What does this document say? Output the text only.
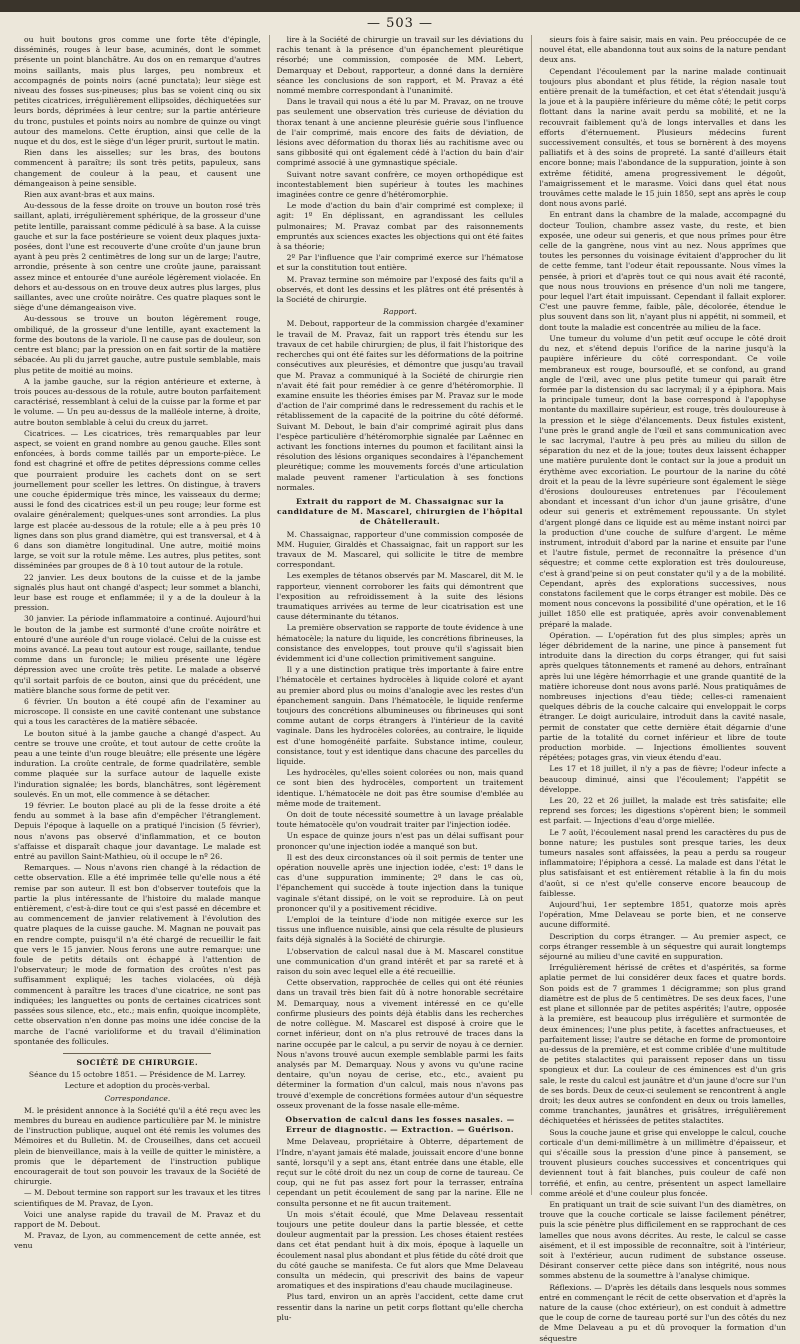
— 503 —

ou huit boutons gros comme une forte tête d'épingle, disséminés, rouges à leur base, acuminés, dont le sommet présente un point blanchâtre. Au dos on en remarque d'autres moins saillants, mais plus larges, peu nombreux et accompagnés de points noirs (acné punctata); leur siège est niveau des fosses sus-pineuses; plus bas se voient cinq ou six petites cicatrices, irrégulièrement ellipsoïdes, déchiquetées sur leurs bords, déprimées à leur centre; sur la partie antérieure du tronc, pustules et points noirs au nombre de quinze ou vingt autour des mamelons. Cette éruption, ainsi que celle de la nuque et du dos, est le siège d'un léger prurit, surtout le matin.

Rien dans les aisselles; sur les bras, des boutons commencent à paraître; ils sont très petits, papuleux, sans changement de couleur à la peau, et causent une démangeaison à peine sensible.

Rien aux avant-bras et aux mains.

Au-dessous de la fesse droite on trouve un bouton rosé très saillant, aplati, irrégulièrement sphérique, de la grosseur d'une petite lentille, paraissant comme pédiculé à sa base. A la cuisse gauche et sur la face postérieure se voient deux plaques juxta-posées, dont l'une est recouverte d'une croûte d'un jaune brun ayant à peu près 2 centimètres de long sur un de large; l'autre, arrondie, présente à son centre une croûte jaune, paraissant assez mince et entourée d'une auréole légèrement violacée. En dehors et au-dessous on en trouve deux autres plus larges, plus saillantes, avec une croûte noirâtre. Ces quatre plaques sont le siège d'une démangeaison vive.

Au-dessous se trouve un bouton légèrement rouge, ombiliqué, de la grosseur d'une lentille, ayant exactement la forme des boutons de la variole. Il ne cause pas de douleur, son centre est blanc; par la pression on en fait sortir de la matière sébacée. Au pli du jarret gauche, autre pustule semblable, mais plus petite de moitié au moins.

A la jambe gauche, sur la région antérieure et externe, à trois pouces au-dessous de la rotule, autre bouton parfaitement caractérisé, ressemblant à celui de la cuisse par la forme et par le volume. — Un peu au-dessus de la malléole interne, à droite, autre bouton semblable à celui du creux du jarret.

Cicatrices. — Les cicatrices, très remarquables par leur aspect, se voient en grand nombre au genou gauche. Elles sont enfoncées, à bords comme taillés par un emporte-pièce. Le fond est chagriné et offre de petites dépressions comme celles que pourraient produire les cachets dont on se sert journellement pour sceller les lettres. On distingue, à travers une couche épidermique très mince, les vaisseaux du derme; aussi le fond des cicatrices est-il un peu rouge; leur forme est ovalaire généralement; quelques-unes sont arrondies. La plus large est placée au-dessous de la rotule; elle a à peu près 10 lignes dans son plus grand diamètre, qui est transversal, et 4 à 6 dans son diamètre longitudinal. Une autre, moitié moins large, se voit sur la rotule même. Les autres, plus petites, sont disséminées par groupes de 8 à 10 tout autour de la rotule.

22 janvier. Les deux boutons de la cuisse et de la jambe signalés plus haut ont changé d'aspect; leur sommet a blanchi, leur base est rouge et enflammée; il y a de la douleur à la pression.

30 janvier. La période inflammatoire a continué. Aujourd'hui le bouton de la jambe est surmonté d'une croûte noirâtre et entouré d'une auréole d'un rouge violacé. Celui de la cuisse est moins avancé. La peau tout autour est rouge, saillante, tendue comme dans un furoncle; le milieu présente une légère dépression avec une croûte très petite. Le malade a observé qu'il sortait parfois de ce bouton, ainsi que du précédent, une matière blanche sous forme de petit ver.

6 février. Un bouton a été coupé afin de l'examiner au microscope. Il consiste en une cavité contenant une substance qui a tous les caractères de la matière sébacée.

Le bouton situé à la jambe gauche a changé d'aspect. Au centre se trouve une croûte, et tout autour de cette croûte la peau a une teinte d'un rouge bleuâtre; elle présente une légère induration. La croûte centrale, de forme quadrilatère, semble comme plaquée sur la surface autour de laquelle existe l'induration signalée; les bords, blanchâtres, sont légèrement soulevés. En un mot, elle commence à se détacher.

19 février. Le bouton placé au pli de la fesse droite a été fendu au sommet à la base afin d'empêcher l'étranglement. Depuis l'époque à laquelle on a pratiqué l'incision (5 février), nous n'avons pas observé d'inflammation, et ce bouton s'affaisse et disparaît chaque jour davantage. Le malade est entré au pavillon Saint-Mathieu, où il occupe le nº 26.

Remarques. — Nous n'avons rien changé à la rédaction de cette observation. Elle a été imprimée telle qu'elle nous a été remise par son auteur. Il est bon d'observer toutefois que la partie la plus intéressante de l'histoire du malade manque entièrement, c'est-à-dire tout ce qui s'est passé en décembre et au commencement de janvier relativement à l'évolution des quatre plaques de la cuisse gauche. M. Magnan ne pouvait pas en rendre compte, puisqu'il n'a été chargé de recueillir le fait que vers le 15 janvier. Nous ferons une autre remarque: une foule de petits détails ont échappé à l'attention de l'observateur; le mode de formation des croûtes n'est pas suffisamment expliqué; les taches violacées, où déjà commencent à paraître les traces d'une cicatrice, ne sont pas indiquées; les languettes ou ponts de certaines cicatrices sont passées sous silence, etc., etc.; mais enfin, quoique incomplète, cette observation n'en donne pas moins une idée concise de la marche de l'acné varioliforme et du travail d'élimination spontanée des follicules.

SOCIÉTÉ DE CHIRURGIE.

Séance du 15 octobre 1851. — Présidence de M. Larrey.

Lecture et adoption du procès-verbal.

Correspondance.

M. le président annonce à la Société qu'il a été reçu avec les membres du bureau en audience particulière par M. le ministre de l'instruction publique, auquel ont été remis les volumes des Mémoires et du Bulletin. M. de Crouseilhes, dans cet accueil plein de bienveillance, mais à la veille de quitter le ministère, a promis que le département de l'instruction publique encouragerait de tout son pouvoir les travaux de la Société de chirurgie.

— M. Debout termine son rapport sur les travaux et les titres scientifiques de M. Pravaz, de Lyon.

Voici une analyse rapide du travail de M. Pravaz et du rapport de M. Debout.

M. Pravaz, de Lyon, au commencement de cette année, est venu

lire à la Société de chirurgie un travail sur les déviations du rachis tenant à la présence d'un épanchement pleurétique résorbé; une commission, composée de MM. Lebert, Demarquay et Debout, rapporteur, a donné dans la dernière séance les conclusions de son rapport, et M. Pravaz a été nommé membre correspondant à l'unanimité.

Dans le travail qui nous a été lu par M. Pravaz, on ne trouve pas seulement une observation très curieuse de déviation du thorax tenant à une ancienne pleurésie guérie sous l'influence de l'air comprimé, mais encore des faits de déviation, de lésions avec déformation du thorax liés au rachitisme avec ou sans gibbosité qui ont également cédé à l'action du bain d'air comprimé associé à une gymnastique spéciale.

Suivant notre savant confrère, ce moyen orthopédique est incontestablement bien supérieur à toutes les machines imaginées contre ce genre d'hétéromorphie.

Le mode d'action du bain d'air comprimé est complexe; il agit: 1º En déplissant, en agrandissant les cellules pulmonaires; M. Pravaz combat par des raisonnements empruntés aux sciences exactes les objections qui ont été faites à sa théorie;

2º Par l'influence que l'air comprimé exerce sur l'hématose et sur la constitution tout entière.

M. Pravaz termine son mémoire par l'exposé des faits qu'il a observés, et dont les dessins et les plâtres ont été présentés à la Société de chirurgie.

Rapport.

M. Debout, rapporteur de la commission chargée d'examiner le travail de M. Pravaz, fait un rapport très étendu sur les travaux de cet habile chirurgien; de plus, il fait l'historique des recherches qui ont été faites sur les déformations de la poitrine consécutives aux pleurésies, et démontre que jusqu'au travail que M. Pravaz a communiqué à la Société de chirurgie rien n'avait été fait pour remédier à ce genre d'hétéromorphie. Il examine ensuite les théories émises par M. Pravaz sur le mode d'action de l'air comprimé dans le redressement du rachis et le rétablissement de la capacité de la poitrine du côté déformé. Suivant M. Debout, le bain d'air comprimé agirait plus dans l'espèce particulière d'hétéromorphie signalée par Laënnec en activant les fonctions internes du poumon et facilitant ainsi la résolution des lésions organiques secondaires à l'épanchement pleurétique; comme les mouvements forcés d'une articulation malade peuvent ramener l'articulation à ses fonctions normales.

Extrait du rapport de M. Chassaignac sur la candidature de M. Mascarel, chirurgien de l'hôpital de Châtellerault.

M. Chassaignac, rapporteur d'une commission composée de MM. Huguier, Giraldès et Chassaignac, fait un rapport sur les travaux de M. Mascarel, qui sollicite le titre de membre correspondant.

Les exemples de tétanos observés par M. Mascarel, dit M. le rapporteur, viennent corroborer les faits qui démontrent que l'exposition au refroidissement à la suite des lésions traumatiques arrivées au terme de leur cicatrisation est une cause déterminante du tétanos.

La première observation se rapporte de toute évidence à une hématocèle; la nature du liquide, les concrétions fibrineuses, la consistance des enveloppes, tout prouve qu'il s'agissait bien évidemment ici d'une collection primitivement sanguine.

Il y a une distinction pratique très importante à faire entre l'hématocèle et certaines hydrocèles à liquide coloré et ayant au premier abord plus ou moins d'analogie avec les restes d'un épanchement sanguin. Dans l'hématocèle, le liquide renferme toujours des concrétions albumineuses ou fibrineuses qui sont comme autant de corps étrangers à l'intérieur de la cavité vaginale. Dans les hydrocèles colorées, au contraire, le liquide est d'une homogénéité parfaite. Substance intime, couleur, consistance, tout y est identique dans chacune des parcelles du liquide.

Les hydrocèles, qu'elles soient colorées ou non, mais quand ce sont bien des hydrocèles, comportent un traitement identique. L'hématocèle ne doit pas être soumise d'emblée au même mode de traitement.

On doit de toute nécessité soumettre à un lavage préalable toute hématocèle qu'on voudrait traiter par l'injection iodée.

Un espace de quinze jours n'est pas un délai suffisant pour prononcer qu'une injection iodée a manqué son but.

Il est des deux circonstances où il soit permis de tenter une opération nouvelle après une injection iodée, c'est: 1º dans le cas d'une suppuration imminente; 2º dans le cas où, l'épanchement qui succède à toute injection dans la tunique vaginale s'étant dissipé, on le voit se reproduire. Là on peut prononcer qu'il y a positivement récidive.

L'emploi de la teinture d'iode non mitigée exerce sur les tissus une influence nuisible, ainsi que cela résulte de plusieurs faits déjà signalés à la Société de chirurgie.

L'observation de calcul nasal due à M. Mascarel constitue une communication d'un grand intérêt et par sa rareté et à raison du soin avec lequel elle a été recueillie.

Cette observation, rapprochée de celles qui ont été réunies dans un travail très bien fait dû à notre honorable secrétaire M. Demarquay, nous a vivement intéressé en ce qu'elle confirme plusieurs des points déjà établis dans les recherches de notre collègue. M. Mascarel est disposé à croire que le cornet inférieur, dont on n'a plus retrouvé de traces dans la narine occupée par le calcul, a pu servir de noyau à ce dernier. Nous n'avons trouvé aucun exemple semblable parmi les faits analysés par M. Demarquay. Nous y avons vu qu'une racine dentaire, qu'un noyau de cerise, etc., etc., avaient pu déterminer la formation d'un calcul, mais nous n'avons pas trouvé d'exemple de concrétions formées autour d'un séquestre osseux provenant de la fosse nasale elle-même.

Observation de calcul dans les fosses nasales. — Erreur de diagnostic. — Extraction. — Guérison.

Mme Delaveau, propriétaire à Obterre, département de l'Indre, n'ayant jamais été malade, jouissait encore d'une bonne santé, lorsqu'il y a sept ans, étant entrée dans une étable, elle reçut sur le côté droit du nez un coup de corne de taureau. Ce coup, qui ne fut pas assez fort pour la terrasser, entraîna cependant un petit écoulement de sang par la narine. Elle ne consulta personne et ne fit aucun traitement.

Un mois s'était écoulé, que Mme Delaveau ressentait toujours une petite douleur dans la partie blessée, et cette douleur augmentait par la pression. Les choses étaient restées dans cet état pendant huit à dix mois, époque à laquelle un écoulement nasal plus abondant et plus fétide du côté droit que du côté gauche se manifesta. Ce fut alors que Mme Delaveau consulta un médecin, qui prescrivit des bains de vapeur aromatiques et des inspirations d'eau chaude mucilagineuse.

Plus tard, environ un an après l'accident, cette dame crut ressentir dans la narine un petit corps flottant qu'elle chercha plu-

sieurs fois à faire saisir, mais en vain. Peu préoccupée de ce nouvel état, elle abandonna tout aux soins de la nature pendant deux ans.

Cependant l'écoulement par la narine malade continuait toujours plus abondant et plus fétide, la région nasale tout entière prenait de la tuméfaction, et cet état s'étendait jusqu'à la joue et à la paupière inférieure du même côté; le petit corps flottant dans la narine avait perdu sa mobilité, et ne la recouvrait faiblement qu'à de longs intervalles et dans les efforts d'éternuement. Plusieurs médecins furent successivement consultés, et tous se bornèrent à des moyens palliatifs et à des soins de propreté. La santé d'ailleurs était encore bonne; mais l'abondance de la suppuration, jointe à son extrême fétidité, amena progressivement le dégoût, l'amaigrissement et le marasme. Voici dans quel état nous trouvâmes cette malade le 15 juin 1850, sept ans après le coup dont nous avons parlé.

En entrant dans la chambre de la malade, accompagné du docteur Toulion, chambre assez vaste, du reste, et bien exposée, une odeur sui generis, et que nous prîmes pour être celle de la gangrène, nous vint au nez. Nous apprîmes que toutes les personnes du voisinage évitaient d'approcher du lit de cette femme, tant l'odeur était repoussante. Nous vîmes la pensée, à priori et d'après tout ce qui nous avait été raconté, que nous nous trouvions en présence d'un noli me tangere, pour lequel l'art était impuissant. Cependant il fallait explorer. C'est une pauvre femme, faible, pâle, décolorée, étendue le plus souvent dans son lit, n'ayant plus ni appétit, ni sommeil, et dont toute la maladie est concentrée au milieu de la face.

Une tumeur du volume d'un petit œuf occupe le côté droit du nez, et s'étend depuis l'orifice de la narine jusqu'à la paupière inférieure du côté correspondant. Ce voile membraneux est rouge, boursouflé, et se confond, au grand angle de l'œil, avec une plus petite tumeur qui paraît être formée par la distension du sac lacrymal; il y a épiphora. Mais la principale tumeur, dont la base correspond à l'apophyse montante du maxillaire supérieur, est rouge, très douloureuse à la pression et le siège d'élancements. Deux fistules existent, l'une près le grand angle de l'œil et sans communication avec le sac lacrymal, l'autre à peu près au milieu du sillon de séparation du nez et de la joue; toutes deux laissent échapper une matière purulente dont le contact sur la joue a produit un érythème avec excoriation. Le pourtour de la narine du côté droit et la peau de la lèvre supérieure sont également le siège d'érosions douloureuses entretenues par l'écoulement abondant et incessant d'un ichor d'un jaune grisâtre, d'une odeur sui generis et extrêmement repoussante. Un stylet d'argent plongé dans ce liquide est au même instant noirci par la production d'une couche de sulfure d'argent. Le même instrument, introduit d'abord par la narine et ensuite par l'une et l'autre fistule, permet de reconnaître la présence d'un séquestre; et comme cette exploration est très douloureuse, c'est à grand'peine si on peut constater qu'il y a de la mobilité. Cependant, après des explorations successives, nous constatons facilement que le corps étranger est mobile. Dès ce moment nous concevons la possibilité d'une opération, et le 16 juillet 1850 elle est pratiquée, après avoir convenablement préparé la malade.

Opération. — L'opération fut des plus simples; après un léger débridement de la narine, une pince à pansement fut introduite dans la direction du corps étranger, qui fut saisi après quelques tâtonnements et ramené au dehors, entraînant après lui une légère hémorrhagie et une grande quantité de la matière ichoreuse dont nous avons parlé. Nous pratiquâmes de nombreuses injections d'eau tiède; celles-ci ramenaient quelques débris de la couche calcaire qui enveloppait le corps étranger. Le doigt auriculaire, introduit dans la cavité nasale, permit de constater que cette dernière était dégarnie d'une partie de la totalité du cornet inférieur et libre de toute production morbide. — Injections émollientes souvent répétées; potages gras, vin vieux étendu d'eau.

Les 17 et 18 juillet, il n'y a pas de fièvre; l'odeur infecte a beaucoup diminué, ainsi que l'écoulement; l'appétit se développe.

Les 20, 22 et 26 juillet, la malade est très satisfaite; elle reprend ses forces; les digestions s'opèrent bien; le sommeil est parfait. — Injections d'eau d'orge miellée.

Le 7 août, l'écoulement nasal prend les caractères du pus de bonne nature; les pustules sont presque taries, les deux tumeurs nasales sont affaissées, la peau a perdu sa rougeur inflammatoire; l'épiphora a cessé. La malade est dans l'état le plus satisfaisant et est entièrement rétablie à la fin du mois d'août, si ce n'est qu'elle conserve encore beaucoup de faiblesse.

Aujourd'hui, 1er septembre 1851, quatorze mois après l'opération, Mme Delaveau se porte bien, et ne conserve aucune difformité.

Description du corps étranger. — Au premier aspect, ce corps étranger ressemble à un séquestre qui aurait longtemps séjourné au milieu d'une cavité en suppuration.

Irrégulièrement hérissé de crêtes et d'aspérités, sa forme aplatie permet de lui considérer deux faces et quatre bords. Son poids est de 7 grammes 1 décigramme; son plus grand diamètre est de plus de 5 centimètres. De ses deux faces, l'une est plane et sillonnée par de petites aspérités; l'autre, opposée à la première, est beaucoup plus irrégulière et surmontée de deux éminences; l'une plus petite, à facettes anfractueuses, et parfaitement lisse; l'autre se détache en forme de promontoire au-dessus de la première, et est comme criblée d'une multitude de petites stalactites qui paraissent reposer dans un tissu spongieux et dur. La couleur de ces éminences est d'un gris sale, le reste du calcul est jaunâtre et d'un jaune d'ocre sur l'un de ses bords. Deux de ceux-ci seulement se rencontrent à angle droit; les deux autres se confondent en deux ou trois lamelles, comme tranchantes, jaunâtres et grisâtres, irrégulièrement déchiquetées et hérissées de petites stalactites.

Sous la couche jaune et grise qui enveloppe le calcul, couche corticale d'un demi-millimètre à un millimètre d'épaisseur, et qui s'écaille sous la pression d'une pince à pansement, se trouvent plusieurs couches successives et concentriques qui deviennent tout à fait blanches, puis couleur de café non torréfié, et enfin, au centre, présentent un aspect lamellaire comme aréolé et d'une couleur plus foncée.

En pratiquant un trait de scie suivant l'un des diamètres, on trouve que la couche corticale se laisse facilement pénétrer, puis la scie pénètre plus difficilement en se rapprochant de ces lamelles que nous avons décrites. Au reste, le calcul se casse aisément, et il est impossible de reconnaître, soit à l'intérieur, soit à l'extérieur, aucun rudiment de substance osseuse. Désirant conserver cette pièce dans son intégrité, nous nous sommes abstenu de la soumettre à l'analyse chimique.

Réflexions. — D'après les détails dans lesquels nous sommes entré en commençant le récit de cette observation et d'après la nature de la cause (choc extérieur), on est conduit à admettre que le coup de corne de taureau porté sur l'un des côtés du nez de Mme Delaveau a pu et dû provoquer la formation d'un séquestre
